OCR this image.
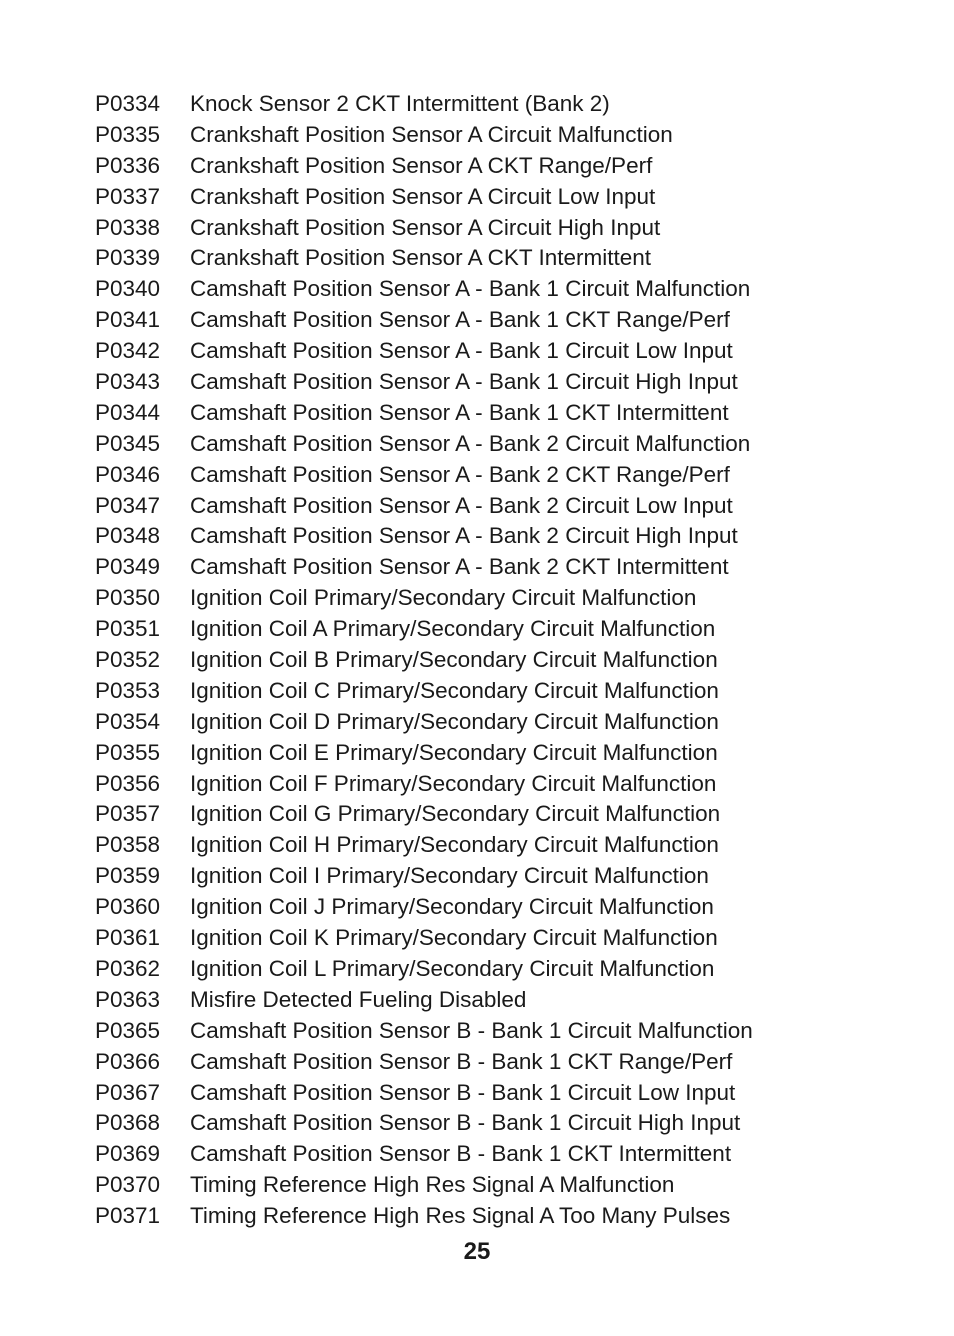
P0334	Knock Sensor 2 CKT Intermittent (Bank 2)
P0335	Crankshaft Position Sensor A Circuit Malfunction
P0336	Crankshaft Position Sensor A CKT Range/Perf
P0337	Crankshaft Position Sensor A Circuit Low Input
P0338	Crankshaft Position Sensor A Circuit High Input
P0339	Crankshaft Position Sensor A CKT Intermittent
P0340	Camshaft Position Sensor A - Bank 1 Circuit Malfunction
P0341	Camshaft Position Sensor A - Bank 1 CKT Range/Perf
P0342	Camshaft Position Sensor A - Bank 1 Circuit Low Input
P0343	Camshaft Position Sensor A - Bank 1 Circuit High Input
P0344	Camshaft Position Sensor A - Bank 1 CKT Intermittent
P0345	Camshaft Position Sensor A - Bank 2 Circuit Malfunction
P0346	Camshaft Position Sensor A - Bank 2 CKT Range/Perf
P0347	Camshaft Position Sensor A - Bank 2 Circuit Low Input
P0348	Camshaft Position Sensor A - Bank 2 Circuit High Input
P0349	Camshaft Position Sensor A - Bank 2 CKT Intermittent
P0350	Ignition Coil Primary/Secondary Circuit Malfunction
P0351	Ignition Coil A Primary/Secondary Circuit Malfunction
P0352	Ignition Coil B Primary/Secondary Circuit Malfunction
P0353	Ignition Coil C Primary/Secondary Circuit Malfunction
P0354	Ignition Coil D Primary/Secondary Circuit Malfunction
P0355	Ignition Coil E Primary/Secondary Circuit Malfunction
P0356	Ignition Coil F Primary/Secondary Circuit Malfunction
P0357	Ignition Coil G Primary/Secondary Circuit Malfunction
P0358	Ignition Coil H Primary/Secondary Circuit Malfunction
P0359	Ignition Coil I Primary/Secondary Circuit Malfunction
P0360	Ignition Coil J Primary/Secondary Circuit Malfunction
P0361	Ignition Coil K Primary/Secondary Circuit Malfunction
P0362	Ignition Coil L Primary/Secondary Circuit Malfunction
P0363	Misfire Detected Fueling Disabled
P0365	Camshaft Position Sensor B - Bank 1 Circuit Malfunction
P0366	Camshaft Position Sensor B - Bank 1 CKT Range/Perf
P0367	Camshaft Position Sensor B - Bank 1 Circuit Low Input
P0368	Camshaft Position Sensor B - Bank 1 Circuit High Input
P0369	Camshaft Position Sensor B - Bank 1 CKT Intermittent
P0370	Timing Reference High Res Signal A Malfunction
P0371	Timing Reference High Res Signal A Too Many Pulses
25
